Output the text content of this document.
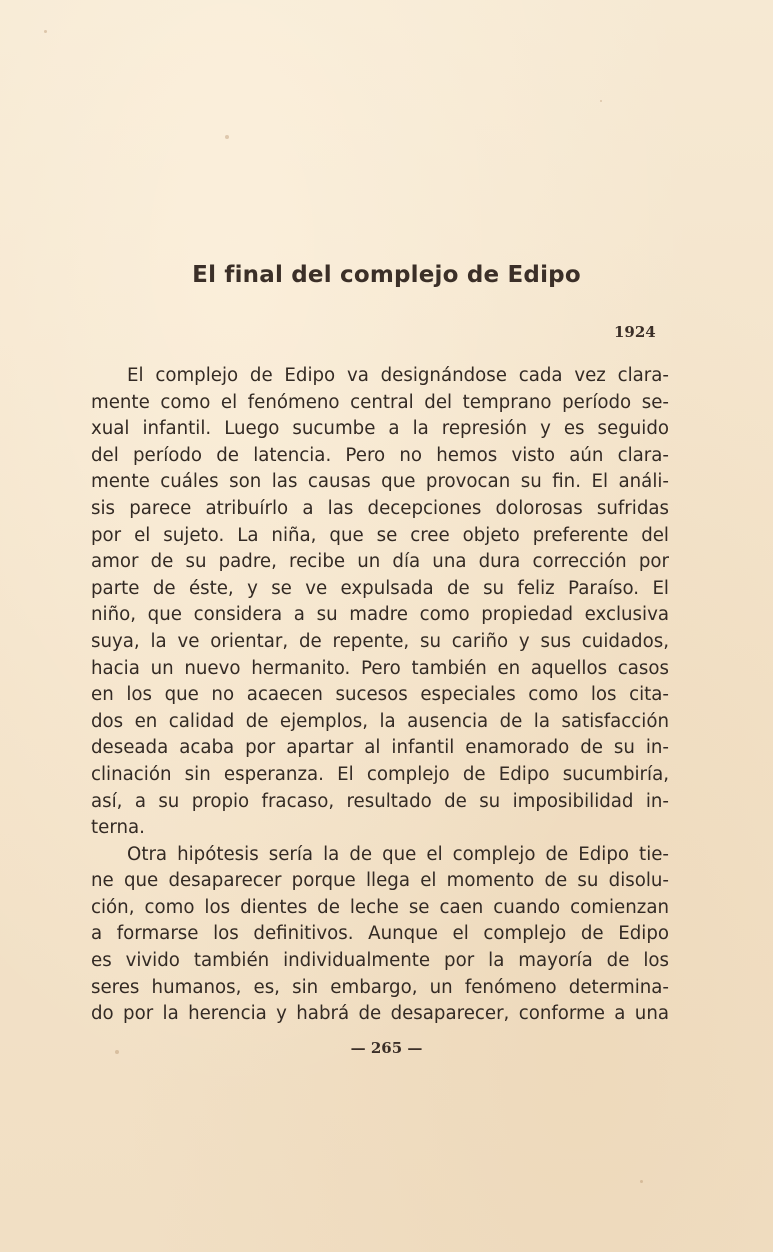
El final del complejo de Edipo
1924
El complejo de Edipo va designándose cada vez clara-
mente como el fenómeno central del temprano período se-
xual infantil. Luego sucumbe a la represión y es seguido
del período de latencia. Pero no hemos visto aún clara-
mente cuáles son las causas que provocan su fin. El análi-
sis parece atribuírlo a las decepciones dolorosas sufridas
por el sujeto. La niña, que se cree objeto preferente del
amor de su padre, recibe un día una dura corrección por
parte de éste, y se ve expulsada de su feliz Paraíso. El
niño, que considera a su madre como propiedad exclusiva
suya, la ve orientar, de repente, su cariño y sus cuidados,
hacia un nuevo hermanito. Pero también en aquellos casos
en los que no acaecen sucesos especiales como los cita-
dos en calidad de ejemplos, la ausencia de la satisfacción
deseada acaba por apartar al infantil enamorado de su in-
clinación sin esperanza. El complejo de Edipo sucumbiría,
así, a su propio fracaso, resultado de su imposibilidad in-
terna.
Otra hipótesis sería la de que el complejo de Edipo tie-
ne que desaparecer porque llega el momento de su disolu-
ción, como los dientes de leche se caen cuando comienzan
a formarse los definitivos. Aunque el complejo de Edipo
es vivido también individualmente por la mayoría de los
seres humanos, es, sin embargo, un fenómeno determina-
do por la herencia y habrá de desaparecer, conforme a una
— 265 —
